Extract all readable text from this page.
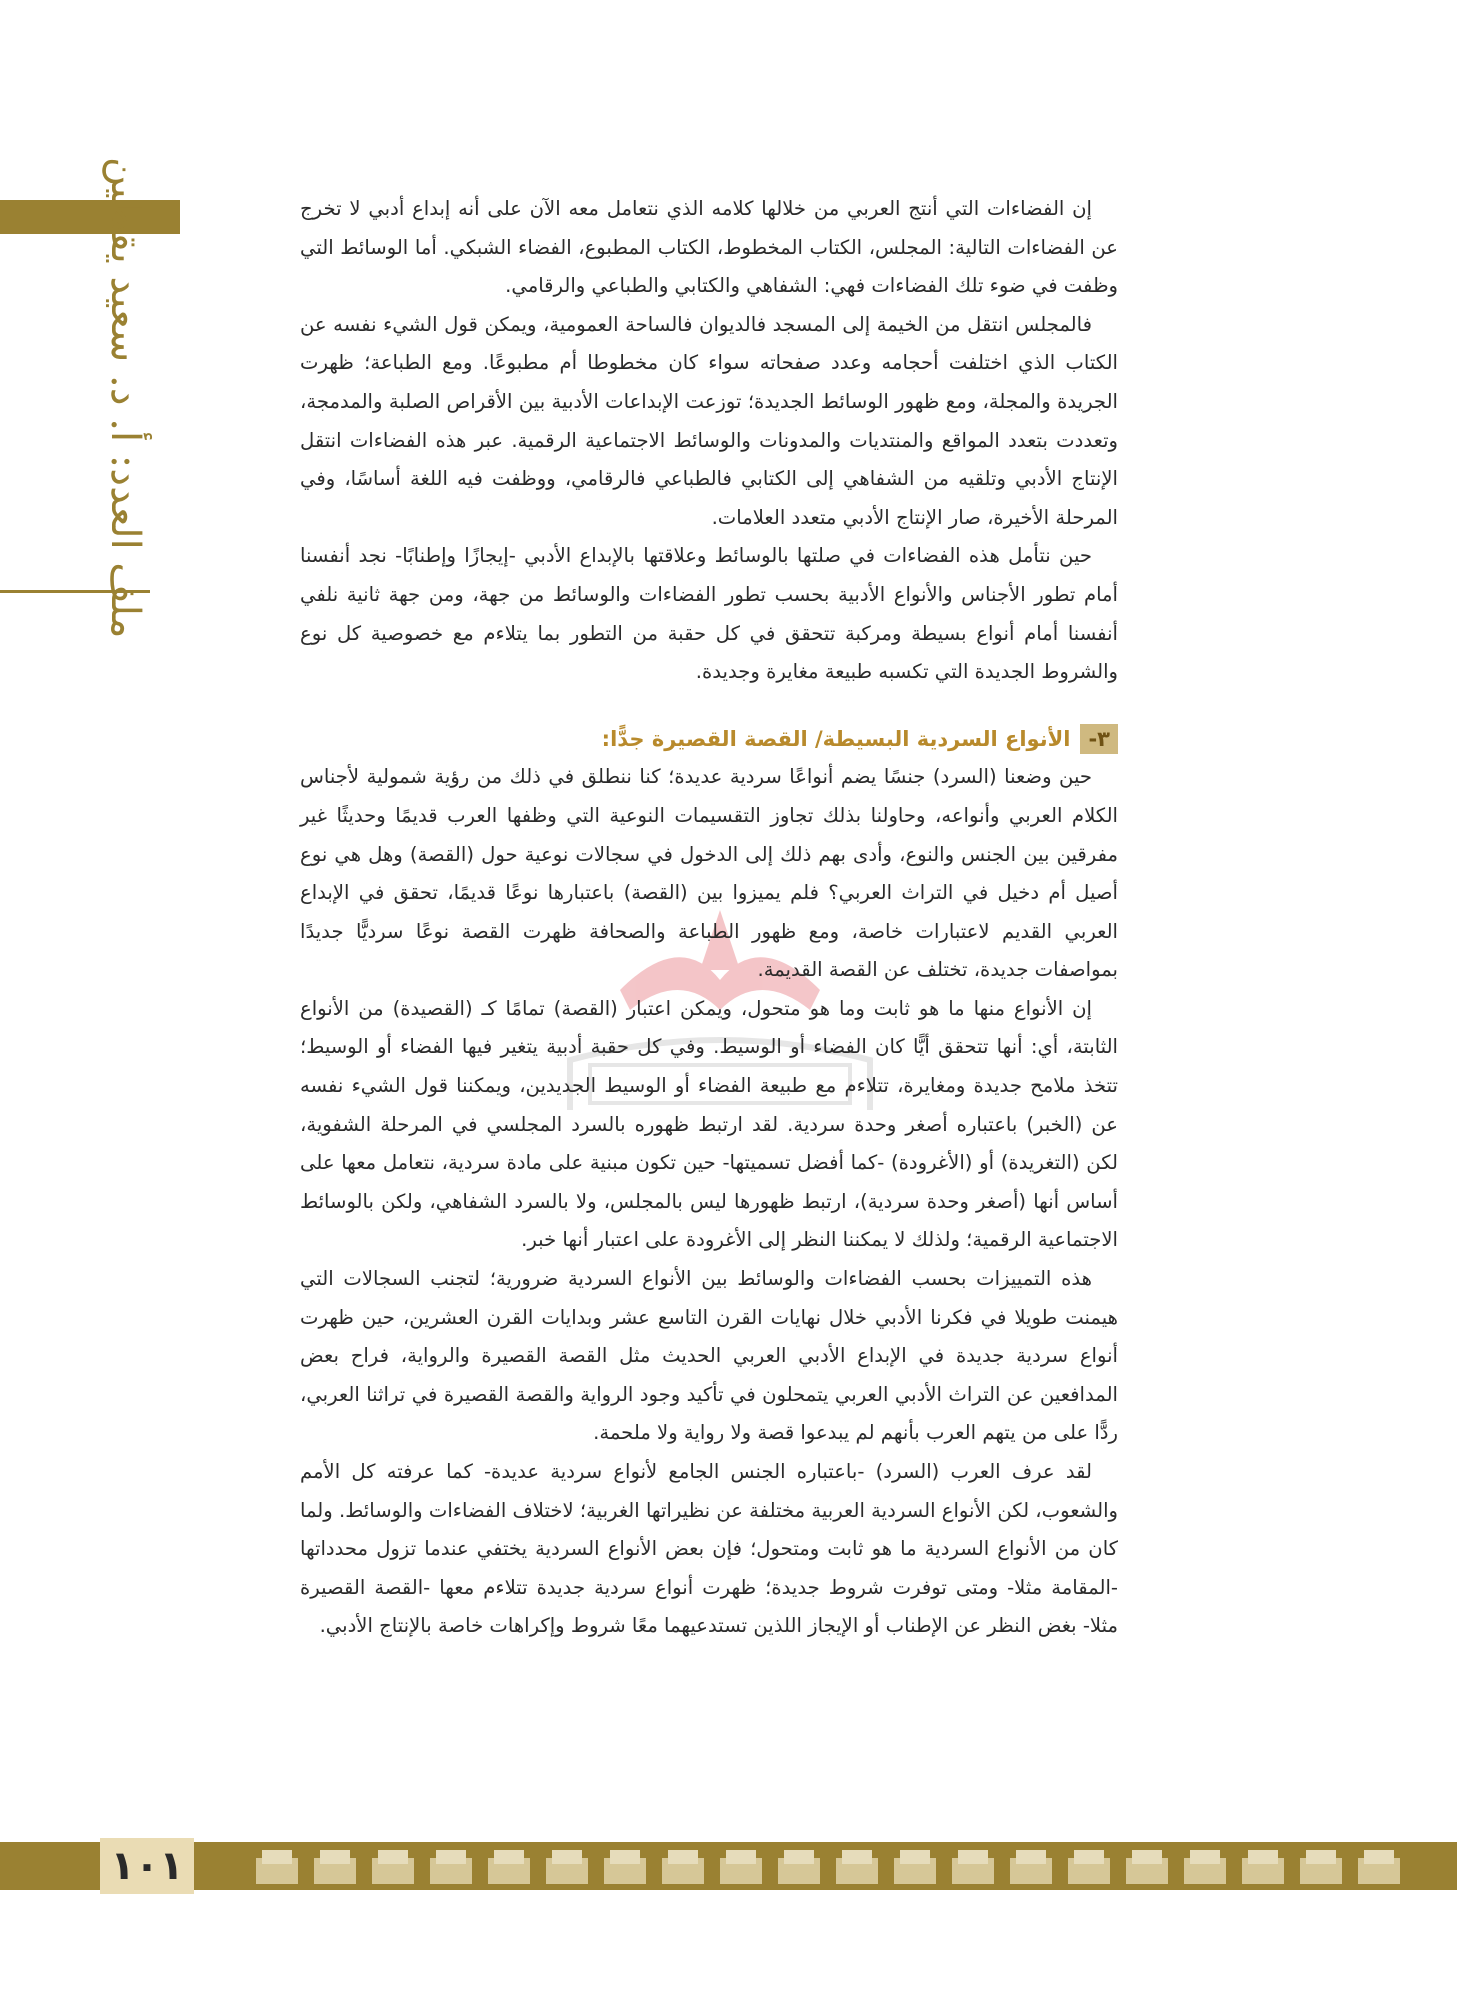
ملف العدد: أ. د. سعيد يقطين	إن الفضاءات التي أنتج العربي من خلالها كلامه الذي نتعامل معه الآن على أنه إبداع أدبي لا تخرج عن الفضاءات التالية: المجلس، الكتاب المخطوط، الكتاب المطبوع، الفضاء الشبكي. أما الوسائط التي وظفت في ضوء تلك الفضاءات فهي: الشفاهي والكتابي والطباعي والرقامي.

فالمجلس انتقل من الخيمة إلى المسجد فالديوان فالساحة العمومية، ويمكن قول الشيء نفسه عن الكتاب الذي اختلفت أحجامه وعدد صفحاته سواء كان مخطوطا أم مطبوعًا. ومع الطباعة؛ ظهرت الجريدة والمجلة، ومع ظهور الوسائط الجديدة؛ توزعت الإبداعات الأدبية بين الأقراص الصلبة والمدمجة، وتعددت بتعدد المواقع والمنتديات والمدونات والوسائط الاجتماعية الرقمية. عبر هذه الفضاءات انتقل الإنتاج الأدبي وتلقيه من الشفاهي إلى الكتابي فالطباعي فالرقامي، ووظفت فيه اللغة أساسًا، وفي المرحلة الأخيرة، صار الإنتاج الأدبي متعدد العلامات.

حين نتأمل هذه الفضاءات في صلتها بالوسائط وعلاقتها بالإبداع الأدبي -إيجازًا وإطنابًا- نجد أنفسنا أمام تطور الأجناس والأنواع الأدبية بحسب تطور الفضاءات والوسائط من جهة، ومن جهة ثانية نلفي أنفسنا أمام أنواع بسيطة ومركبة تتحقق في كل حقبة من التطور بما يتلاءم مع خصوصية كل نوع والشروط الجديدة التي تكسبه طبيعة مغايرة وجديدة.

٣-
الأنواع السردية البسيطة/ القصة القصيرة جدًّا:

حين وضعنا (السرد) جنسًا يضم أنواعًا سردية عديدة؛ كنا ننطلق في ذلك من رؤية شمولية لأجناس الكلام العربي وأنواعه، وحاولنا بذلك تجاوز التقسيمات النوعية التي وظفها العرب قديمًا وحديثًا غير مفرقين بين الجنس والنوع، وأدى بهم ذلك إلى الدخول في سجالات نوعية حول (القصة) وهل هي نوع أصيل أم دخيل في التراث العربي؟ فلم يميزوا بين (القصة) باعتبارها نوعًا قديمًا، تحقق في الإبداع العربي القديم لاعتبارات خاصة، ومع ظهور الطباعة والصحافة ظهرت القصة نوعًا سرديًّا جديدًا بمواصفات جديدة، تختلف عن القصة القديمة.

إن الأنواع منها ما هو ثابت وما هو متحول، ويمكن اعتبار (القصة) تمامًا كـ (القصيدة) من الأنواع الثابتة، أي: أنها تتحقق أيًّا كان الفضاء أو الوسيط. وفي كل حقبة أدبية يتغير فيها الفضاء أو الوسيط؛ تتخذ ملامح جديدة ومغايرة، تتلاءم مع طبيعة الفضاء أو الوسيط الجديدين، ويمكننا قول الشيء نفسه عن (الخبر) باعتباره أصغر وحدة سردية. لقد ارتبط ظهوره بالسرد المجلسي في المرحلة الشفوية، لكن (التغريدة) أو (الأغرودة) -كما أفضل تسميتها- حين تكون مبنية على مادة سردية، نتعامل معها على أساس أنها (أصغر وحدة سردية)، ارتبط ظهورها ليس بالمجلس، ولا بالسرد الشفاهي، ولكن بالوسائط الاجتماعية الرقمية؛ ولذلك لا يمكننا النظر إلى الأغرودة على اعتبار أنها خبر.

هذه التمييزات بحسب الفضاءات والوسائط بين الأنواع السردية ضرورية؛ لتجنب السجالات التي هيمنت طويلا في فكرنا الأدبي خلال نهايات القرن التاسع عشر وبدايات القرن العشرين، حين ظهرت أنواع سردية جديدة في الإبداع الأدبي العربي الحديث مثل القصة القصيرة والرواية، فراح بعض المدافعين عن التراث الأدبي العربي يتمحلون في تأكيد وجود الرواية والقصة القصيرة في تراثنا العربي، ردًّا على من يتهم العرب بأنهم لم يبدعوا قصة ولا رواية ولا ملحمة.

لقد عرف العرب (السرد) -باعتباره الجنس الجامع لأنواع سردية عديدة- كما عرفته كل الأمم والشعوب، لكن الأنواع السردية العربية مختلفة عن نظيراتها الغربية؛ لاختلاف الفضاءات والوسائط. ولما كان من الأنواع السردية ما هو ثابت ومتحول؛ فإن بعض الأنواع السردية يختفي عندما تزول محدداتها -المقامة مثلا- ومتى توفرت شروط جديدة؛ ظهرت أنواع سردية جديدة تتلاءم معها -القصة القصيرة مثلا- بغض النظر عن الإطناب أو الإيجاز اللذين تستدعيهما معًا شروط وإكراهات خاصة بالإنتاج الأدبي.

١٠١
